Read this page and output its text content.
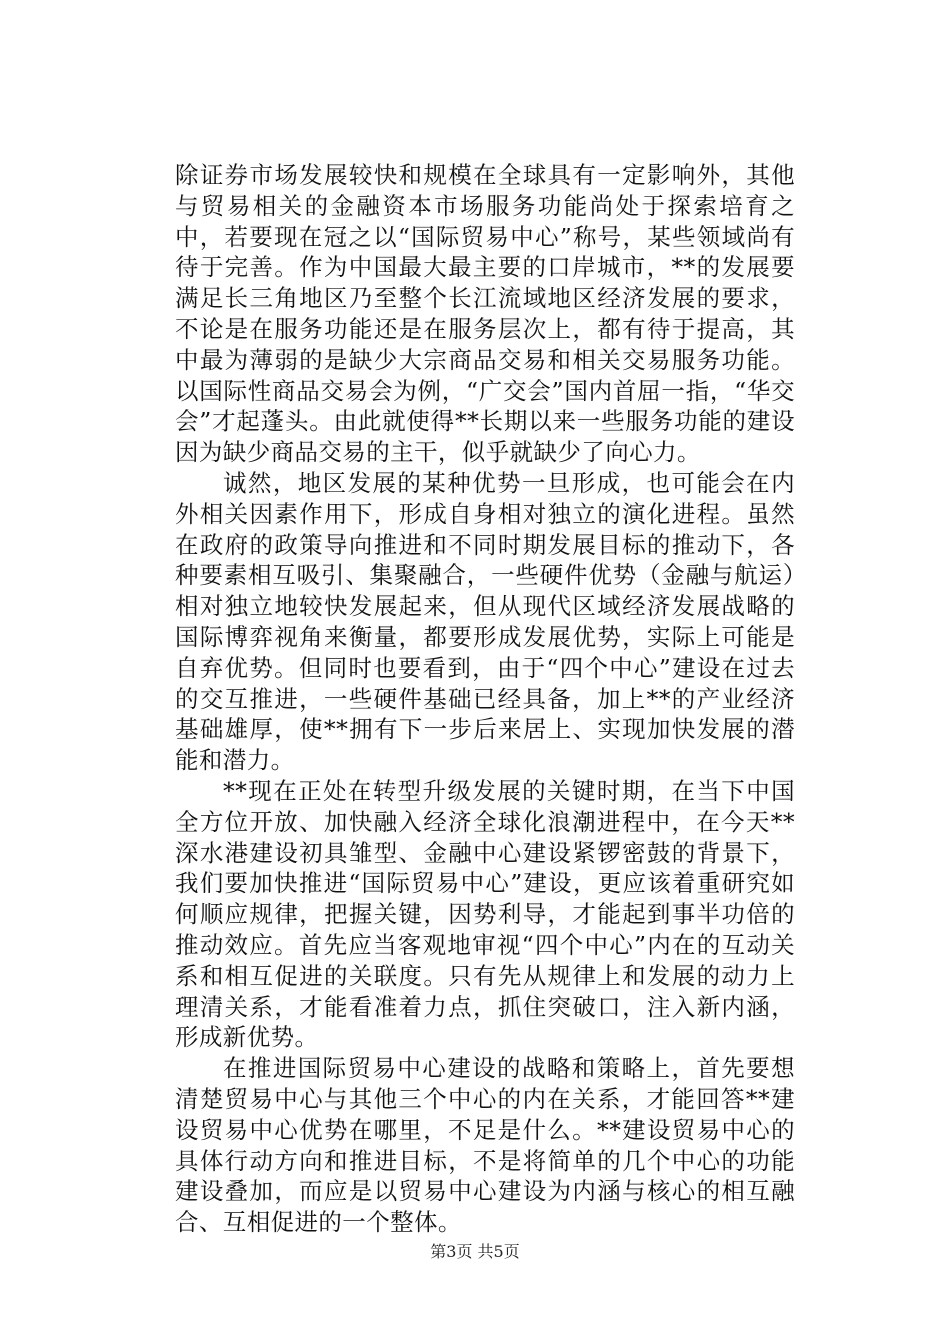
除证券市场发展较快和规模在全球具有一定影响外，其他与贸易相关的金融资本市场服务功能尚处于探索培育之中，若要现在冠之以“国际贸易中心”称号，某些领域尚有待于完善。作为中国最大最主要的口岸城市，**的发展要满足长三角地区乃至整个长江流域地区经济发展的要求，不论是在服务功能还是在服务层次上，都有待于提高，其中最为薄弱的是缺少大宗商品交易和相关交易服务功能。以国际性商品交易会为例，“广交会”国内首屈一指，“华交会”才起蓬头。由此就使得**长期以来一些服务功能的建设因为缺少商品交易的主干，似乎就缺少了向心力。

诚然，地区发展的某种优势一旦形成，也可能会在内外相关因素作用下，形成自身相对独立的演化进程。虽然在政府的政策导向推进和不同时期发展目标的推动下，各种要素相互吸引、集聚融合，一些硬件优势（金融与航运）相对独立地较快发展起来，但从现代区域经济发展战略的国际博弈视角来衡量，都要形成发展优势，实际上可能是自弃优势。但同时也要看到，由于“四个中心”建设在过去的交互推进，一些硬件基础已经具备，加上**的产业经济基础雄厚，使**拥有下一步后来居上、实现加快发展的潜能和潜力。

**现在正处在转型升级发展的关键时期，在当下中国全方位开放、加快融入经济全球化浪潮进程中，在今天**深水港建设初具雏型、金融中心建设紧锣密鼓的背景下，我们要加快推进“国际贸易中心”建设，更应该着重研究如何顺应规律，把握关键，因势利导，才能起到事半功倍的推动效应。首先应当客观地审视“四个中心”内在的互动关系和相互促进的关联度。只有先从规律上和发展的动力上理清关系，才能看准着力点，抓住突破口，注入新内涵，形成新优势。

在推进国际贸易中心建设的战略和策略上，首先要想清楚贸易中心与其他三个中心的内在关系，才能回答**建设贸易中心优势在哪里，不足是什么。**建设贸易中心的具体行动方向和推进目标，不是将简单的几个中心的功能建设叠加，而应是以贸易中心建设为内涵与核心的相互融合、互相促进的一个整体。

第3页 共5页
